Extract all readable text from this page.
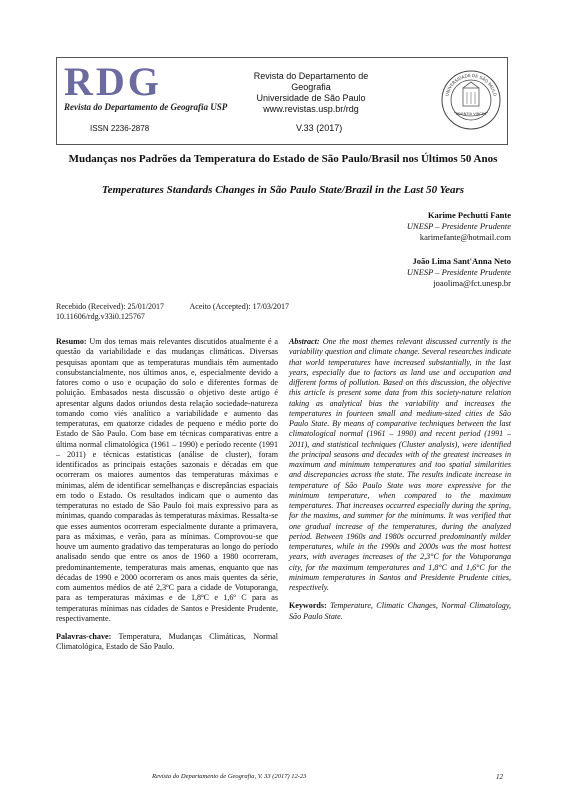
RDG
Revista do Departamento de Geografia USP
ISSN 2236-2878
Revista do Departamento de Geografia
Universidade de São Paulo
www.revistas.usp.br/rdg
V.33 (2017)
UNIVERSIDADE DE SÃO PAULO
SCIENTIA VINCES
Mudanças nos Padrões da Temperatura do Estado de São Paulo/Brasil nos Últimos 50 Anos
Temperatures Standards Changes in São Paulo State/Brazil in the Last 50 Years
Karime Pechutti Fante
UNESP – Presidente Prudente
karimefante@hotmail.com
João Lima Sant'Anna Neto
UNESP – Presidente Prudente
joaolima@fct.unesp.br
Recebido (Received): 25/01/2017	Aceito (Accepted): 17/03/2017
10.11606/rdg.v33i0.125767
Resumo: Um dos temas mais relevantes discutidos atualmente é a questão da variabilidade e das mudanças climáticas. Diversas pesquisas apontam que as temperaturas mundiais têm aumentado consubstancialmente, nos últimos anos, e, especialmente devido a fatores como o uso e ocupação do solo e diferentes formas de poluição. Embasados nesta discussão o objetivo deste artigo é apresentar alguns dados oriundos desta relação sociedade-natureza tomando como viés analítico a variabilidade e aumento das temperaturas, em quatorze cidades de pequeno e médio porte do Estado de São Paulo. Com base em técnicas comparativas entre a última normal climatológica (1961 – 1990) e período recente (1991 – 2011) e técnicas estatísticas (análise de cluster), foram identificados as principais estações sazonais e décadas em que ocorreram os maiores aumentos das temperaturas máximas e mínimas, além de identificar semelhanças e discrepâncias espaciais em todo o Estado. Os resultados indicam que o aumento das temperaturas no estado de São Paulo foi mais expressivo para as mínimas, quando comparadas às temperaturas máximas. Ressalta-se que esses aumentos ocorreram especialmente durante a primavera, para as máximas, e verão, para as mínimas. Comprovou-se que houve um aumento gradativo das temperaturas ao longo do período analisado sendo que entre os anos de 1960 a 1980 ocorreram, predominantemente, temperaturas mais amenas, enquanto que nas décadas de 1990 e 2000 ocorreram os anos mais quentes da série, com aumentos médios de até 2,3ºC para a cidade de Votuporanga, para as temperaturas máximas e de 1,8ºC e 1,6º C para as temperaturas mínimas nas cidades de Santos e Presidente Prudente, respectivamente.
Palavras-chave: Temperatura, Mudanças Climáticas, Normal Climatológica, Estado de São Paulo.
Abstract: One the most themes relevant discussed currently is the variability question and climate change. Several researches indicate that world temperatures have increased substantially, in the last years, especially due to factors as land use and occupation and different forms of pollution. Based on this discussion, the objective this article is present some data from this society-nature relation taking as analytical bias the variability and increases the temperatures in fourteen small and medium-sized cities de São Paulo State. By means of comparative techniques between the last climatological normal (1961 – 1990) and recent period (1991 – 2011), and statistical techniques (Cluster analysis), were identified the principal seasons and decades with of the greatest increases in maximum and minimum temperatures and too spatial similarities and discrepancies across the state. The results indicate increase in temperature of São Paulo State was more expressive for the minimum temperature, when compared to the maximum temperatures. That increases occurred especially during the spring, for the maxims, and summer for the minimums. It was verified that one gradual increase of the temperatures, during the analyzed period. Between 1960s and 1980s occurred predominantly milder temperatures, while in the 1990s and 2000s was the most hottest years, with averages increases of the 2,3°C for the Votuporanga city, for the maximum temperatures and 1,8°C and 1,6°C for the minimum temperatures in Santos and Presidente Prudente cities, respectively.
Keywords: Temperature, Climatic Changes, Normal Climatology, São Paulo State.
Revista do Departamento de Geografia, V. 33 (2017) 12-23	12
